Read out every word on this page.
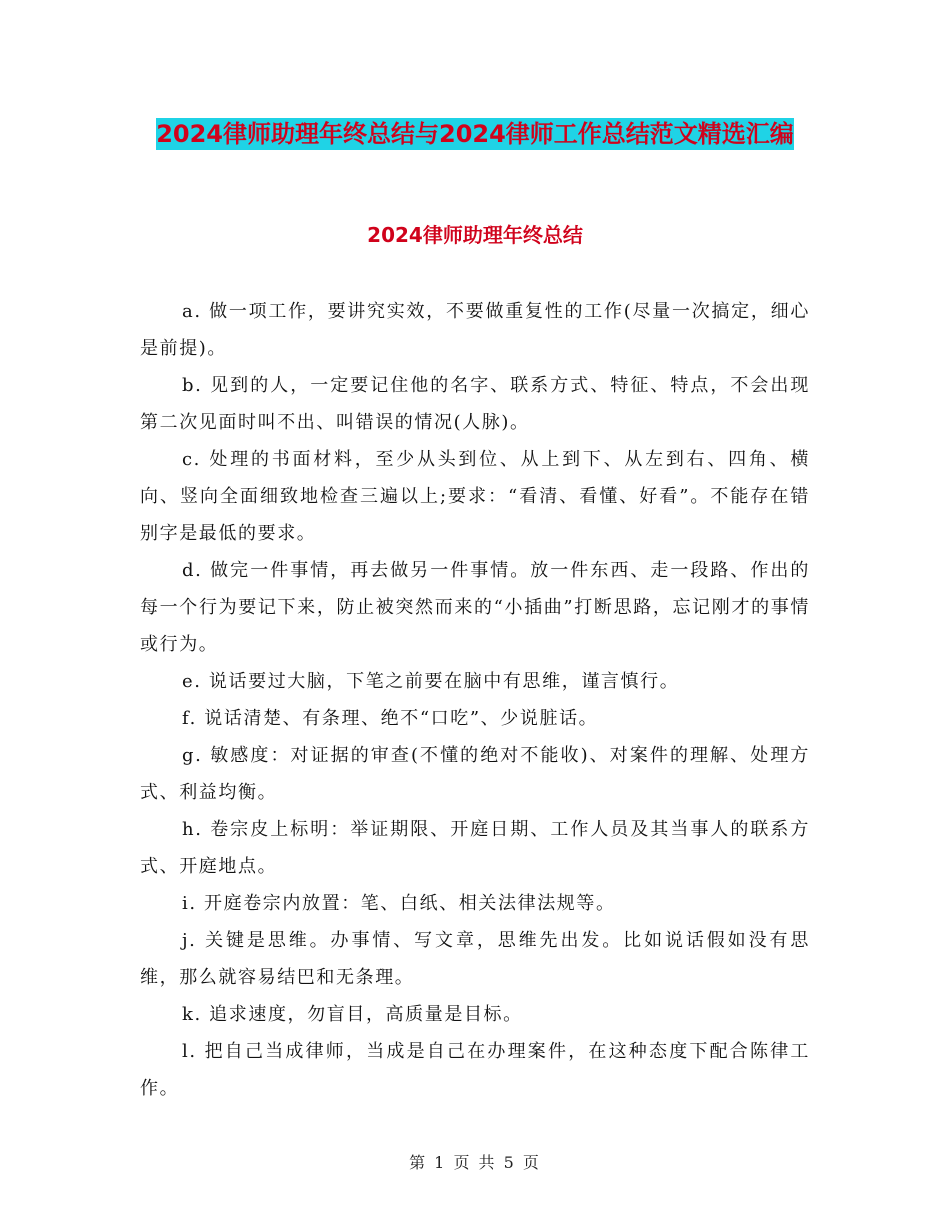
2024律师助理年终总结与2024律师工作总结范文精选汇编
2024律师助理年终总结

a. 做一项工作，要讲究实效，不要做重复性的工作(尽量一次搞定，细心是前提)。

b. 见到的人，一定要记住他的名字、联系方式、特征、特点，不会出现第二次见面时叫不出、叫错误的情况(人脉)。

c. 处理的书面材料，至少从头到位、从上到下、从左到右、四角、横向、竖向全面细致地检查三遍以上;要求：“看清、看懂、好看”。不能存在错别字是最低的要求。

d. 做完一件事情，再去做另一件事情。放一件东西、走一段路、作出的每一个行为要记下来，防止被突然而来的“小插曲”打断思路，忘记刚才的事情或行为。

e. 说话要过大脑，下笔之前要在脑中有思维，谨言慎行。

f. 说话清楚、有条理、绝不“口吃”、少说脏话。

g. 敏感度：对证据的审查(不懂的绝对不能收)、对案件的理解、处理方式、利益均衡。

h. 卷宗皮上标明：举证期限、开庭日期、工作人员及其当事人的联系方式、开庭地点。

i. 开庭卷宗内放置：笔、白纸、相关法律法规等。

j. 关键是思维。办事情、写文章，思维先出发。比如说话假如没有思维，那么就容易结巴和无条理。

k. 追求速度，勿盲目，高质量是目标。

l. 把自己当成律师，当成是自己在办理案件，在这种态度下配合陈律工作。

第 1 页 共 5 页
